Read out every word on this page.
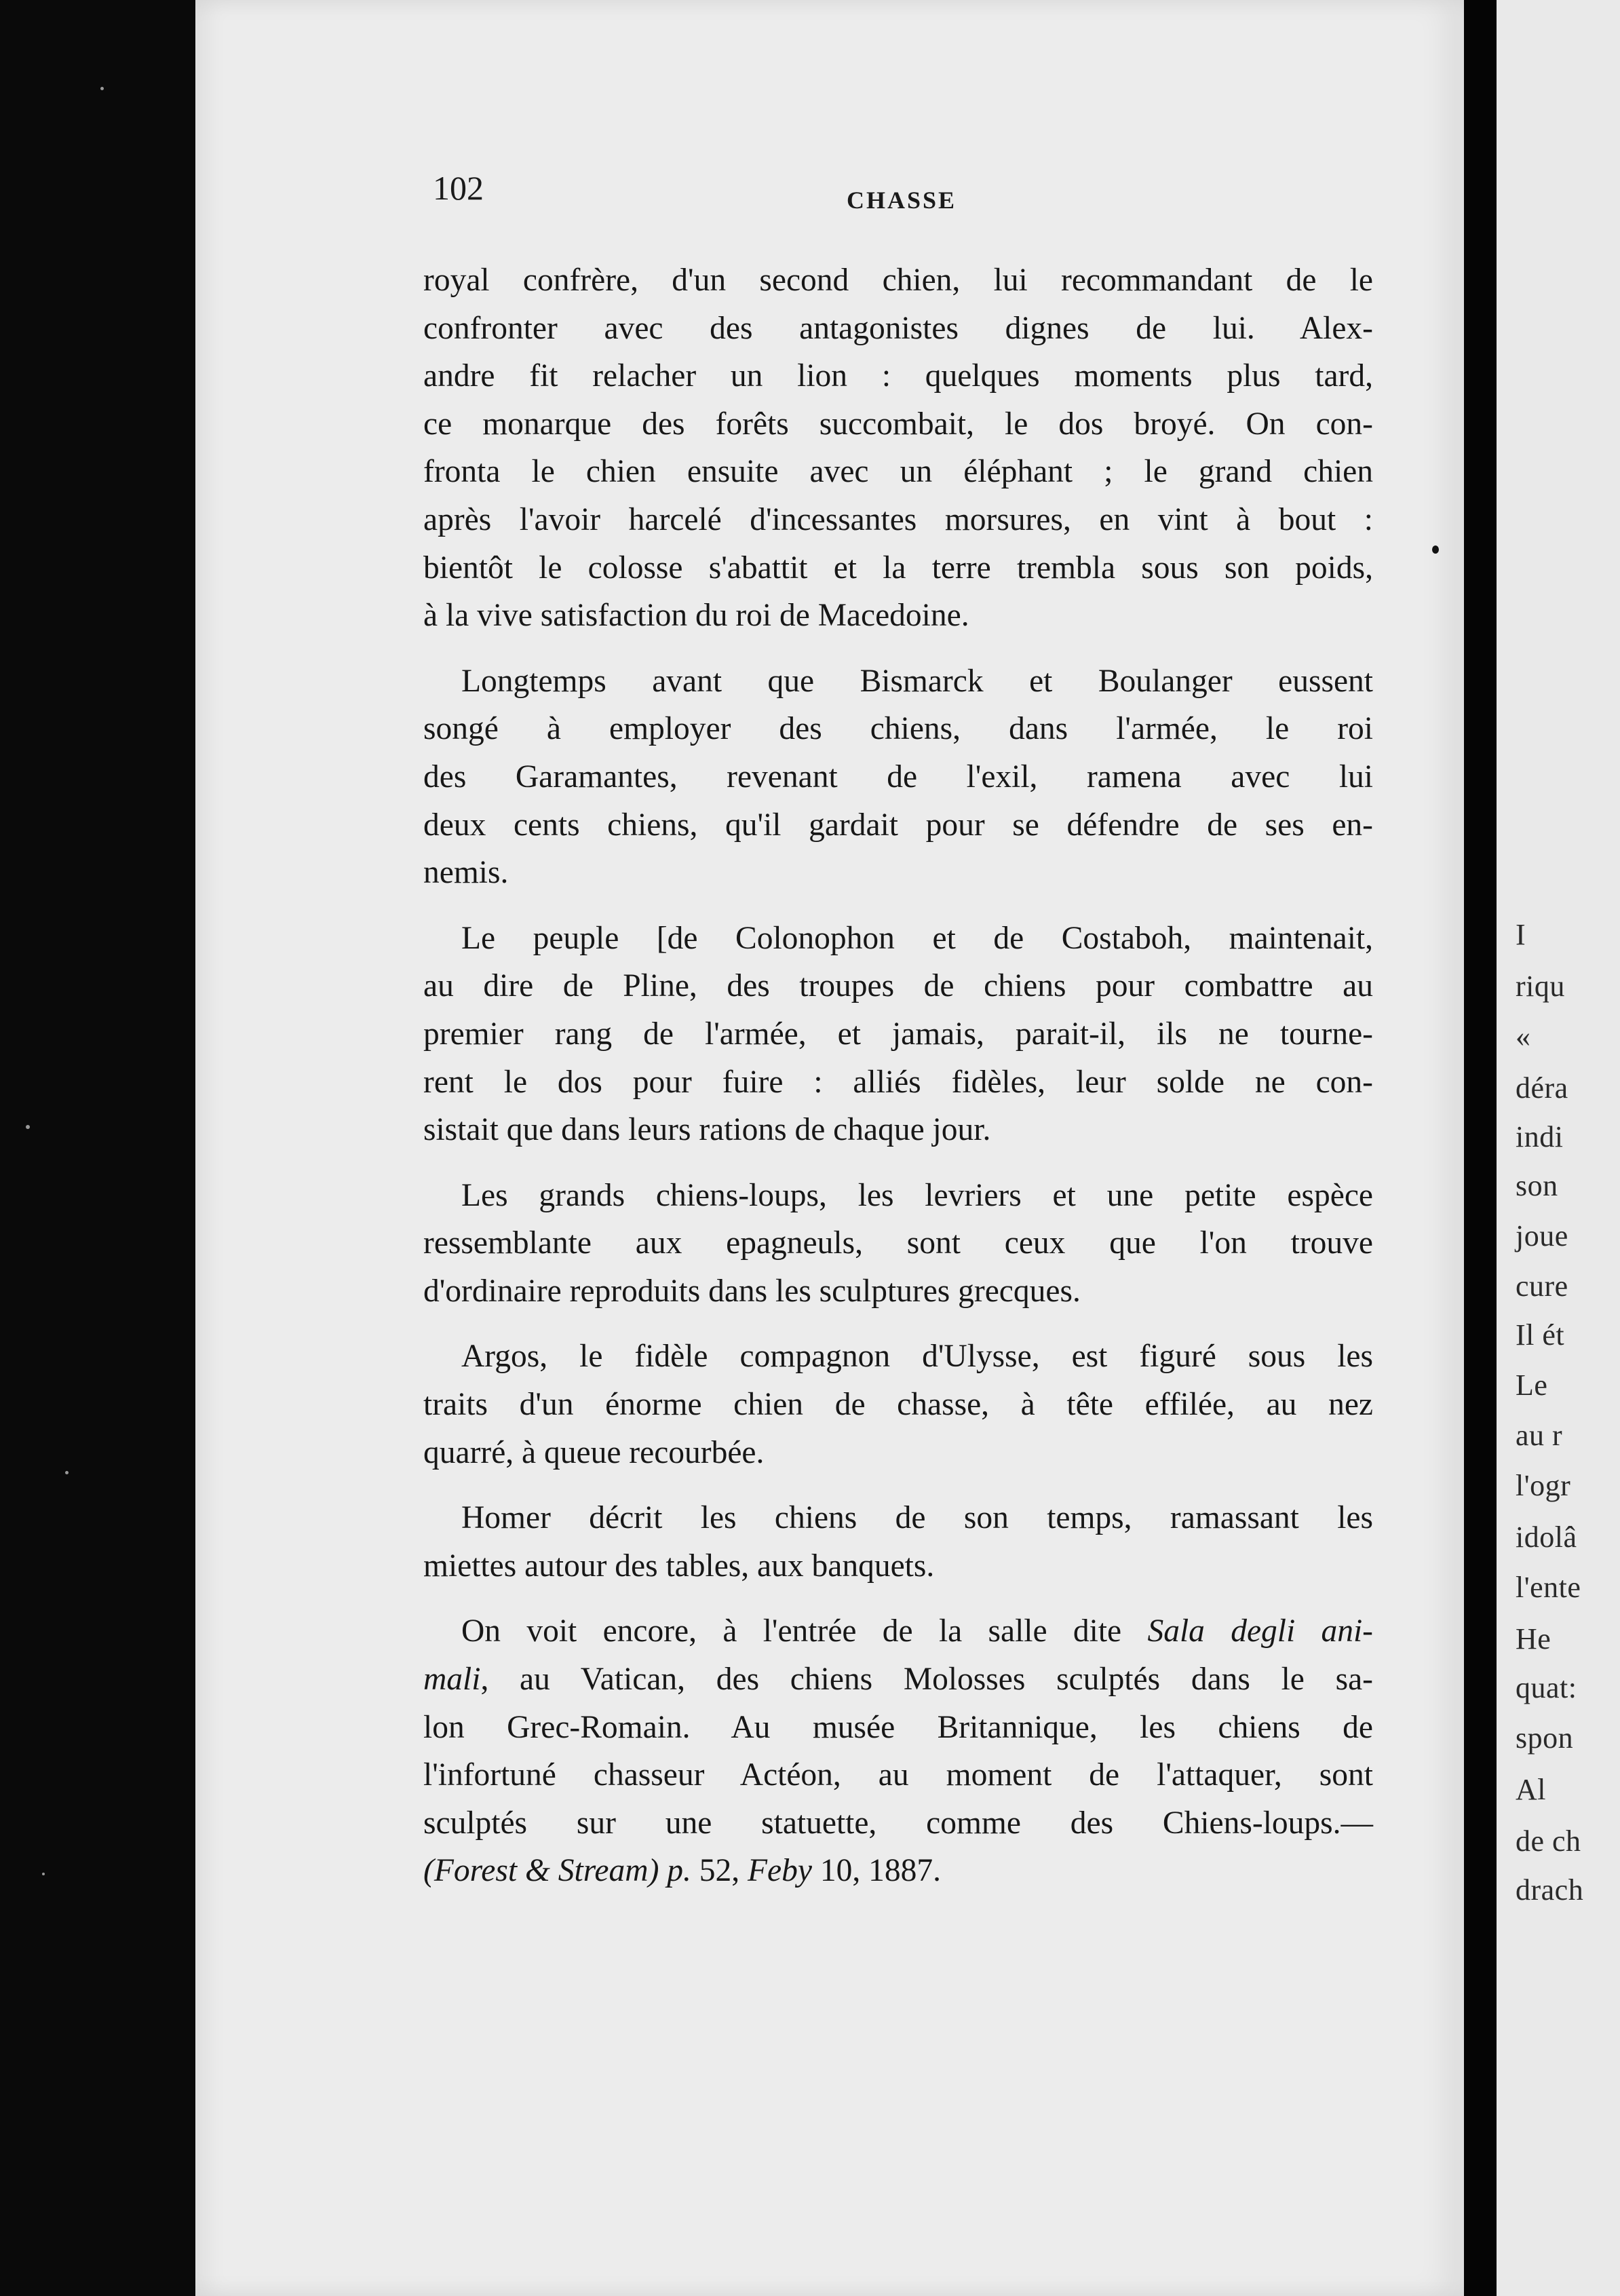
102	CHASSE
royal confrère, d'un second chien, lui recommandant de le
confronter avec des antagonistes dignes de lui. Alex-
andre fit relacher un lion : quelques moments plus tard,
ce monarque des forêts succombait, le dos broyé. On con-
fronta le chien ensuite avec un éléphant ; le grand chien
après l'avoir harcelé d'incessantes morsures, en vint à bout :
bientôt le colosse s'abattit et la terre trembla sous son poids,
à la vive satisfaction du roi de Macedoine.
Longtemps avant que Bismarck et Boulanger eussent
songé à employer des chiens, dans l'armée, le roi
des Garamantes, revenant de l'exil, ramena avec lui
deux cents chiens, qu'il gardait pour se défendre de ses en-
nemis.
Le peuple [de Colonophon et de Costaboh, maintenait,
au dire de Pline, des troupes de chiens pour combattre au
premier rang de l'armée, et jamais, parait-il, ils ne tourne-
rent le dos pour fuire : alliés fidèles, leur solde ne con-
sistait que dans leurs rations de chaque jour.
Les grands chiens-loups, les levriers et une petite espèce
ressemblante aux epagneuls, sont ceux que l'on trouve
d'ordinaire reproduits dans les sculptures grecques.
Argos, le fidèle compagnon d'Ulysse, est figuré sous les
traits d'un énorme chien de chasse, à tête effilée, au nez
quarré, à queue recourbée.
Homer décrit les chiens de son temps, ramassant les
miettes autour des tables, aux banquets.
On voit encore, à l'entrée de la salle dite Sala degli ani-
mali, au Vatican, des chiens Molosses sculptés dans le sa-
lon Grec-Romain. Au musée Britannique, les chiens de
l'infortuné chasseur Actéon, au moment de l'attaquer, sont
sculptés sur une statuette, comme des Chiens-loups.—
(Forest & Stream) p. 52, Feby 10, 1887.

I
riqu
«
déra
indi
son
joue
cure
Il ét
Le
au r
l'ogr
idolâ
l'ente
He
quat:
spon
Al
de ch
drach
